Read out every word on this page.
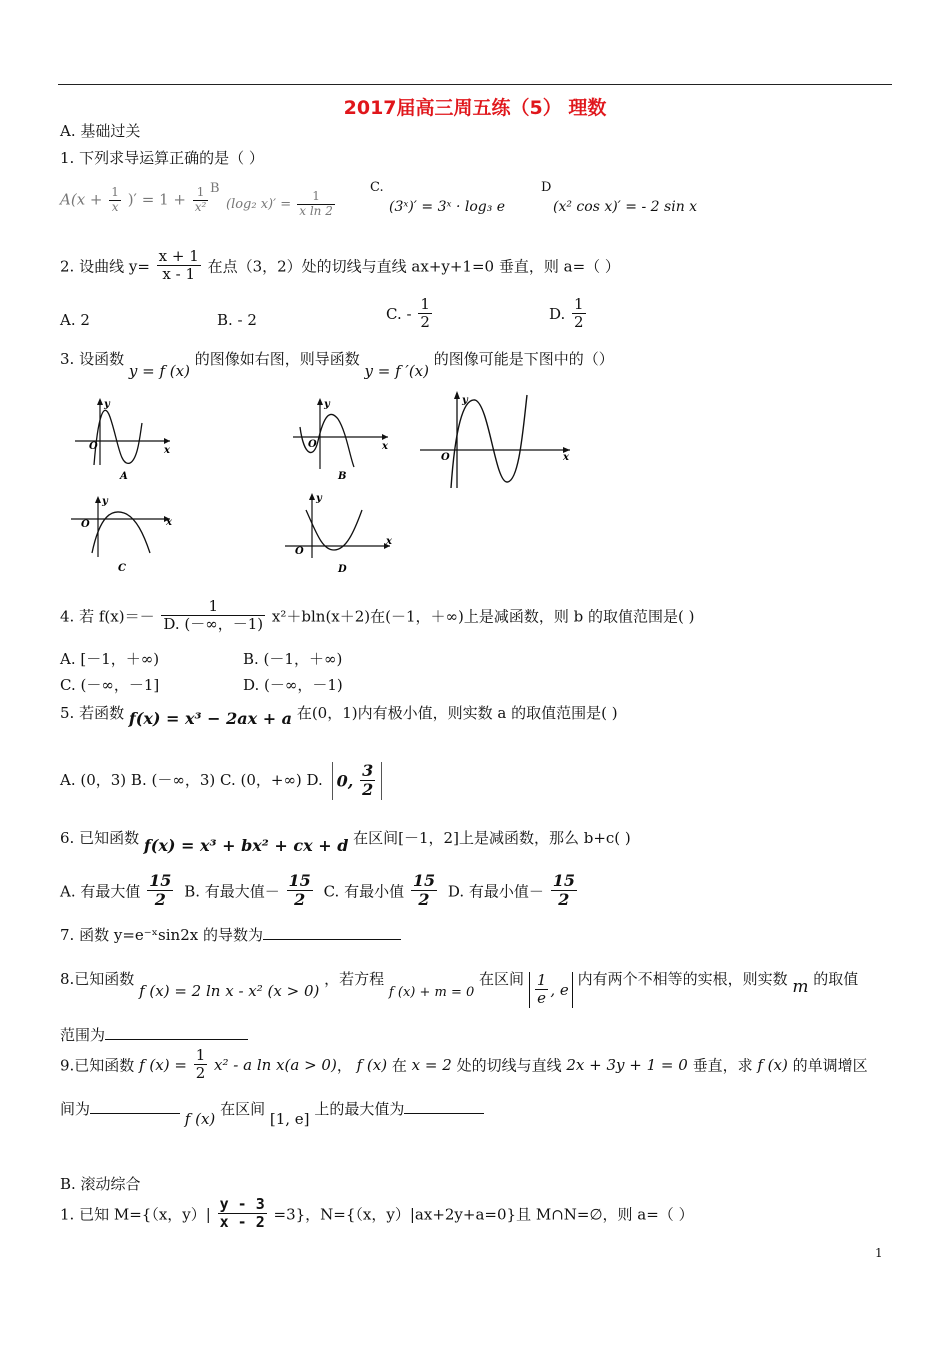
2017届高三周五练（5） 理数
A. 基础过关
1. 下列求导运算正确的是（ ）
$A(x + \frac{1}{x}$ )′ = $1 + \frac{1}{\text{x²}}$ B
(log₂ $x)' = \frac{1}{\text{x ln 2}}$
C.
(3ˣ)′ = 3ˣ · log₃ e
D
(x² cos x)′ = - 2 sin x
2. 设曲线 $y= \frac{x + 1}{x - 1}$ 在点（3，2）处的切线与直线 ax+y+1=0 垂直，则 a=（ ）
A. 2	B. - 2	C. - $\frac{1}{2}$	D. $\frac{1}{2}$
3. 设函数 y = f (x) 的图像如右图，则导函数 y = f ′(x) 的图像可能是下图中的（）
y
x
O
A
y
x
O
B
y
x
O
y
x
O
C
y
x
O
D
4. 若 $f(x)=- \frac{1}{D. (-\infty,-1)} x^2+bln(x+2)$在(－1，＋∞)上是减函数，则 b 的取值范围是( )
A. [－1，＋∞)	B. (－1，＋∞)
C. (－∞，－1]	D. (－∞，－1)
5. 若函数 f(x) = x³ − 2ax + a 在(0，1)内有极小值，则实数 a 的取值范围是( )
A. (0，3) B. (－∞，3) C. (0，+∞) D. 0, $\frac{3}{2}$
6. 已知函数 f(x) = x³ + bx² + cx + d 在区间[－1，2]上是减函数，那么 b+c( )
A. 有最大值 $\frac{15}{2} B$. 有最大值－ $\frac{15}{2} C$. 有最小值 $\frac{15}{2} D$. 有最小值－ $\frac{15}{2}$
7. 函数 y=e⁻ˣsin2x 的导数为
8.已知函数 f (x) = 2 ln x - x² (x > 0) ，若方程 f (x) + m = 0 在区间 $\frac{1}{e}$ , e 内有两个不相等的实根，则实数 m 的取值
范围为
9.已知函数 f $(x) = \frac{1}{2} x^2 - a$ ln x(a > 0)， f (x) 在 x = 2 处的切线与直线 2x + 3y + 1 = 0 垂直，求 f (x) 的单调增区
间为 f (x) 在区间 [1, e] 上的最大值为
B. 滚动综合
1. 已知 M={（x，$y)| \frac{y - 3}{x - 2} =3$}，N={（x，y）|ax+2y+a=0}且 M∩N=∅，则 a=（ ）
1
